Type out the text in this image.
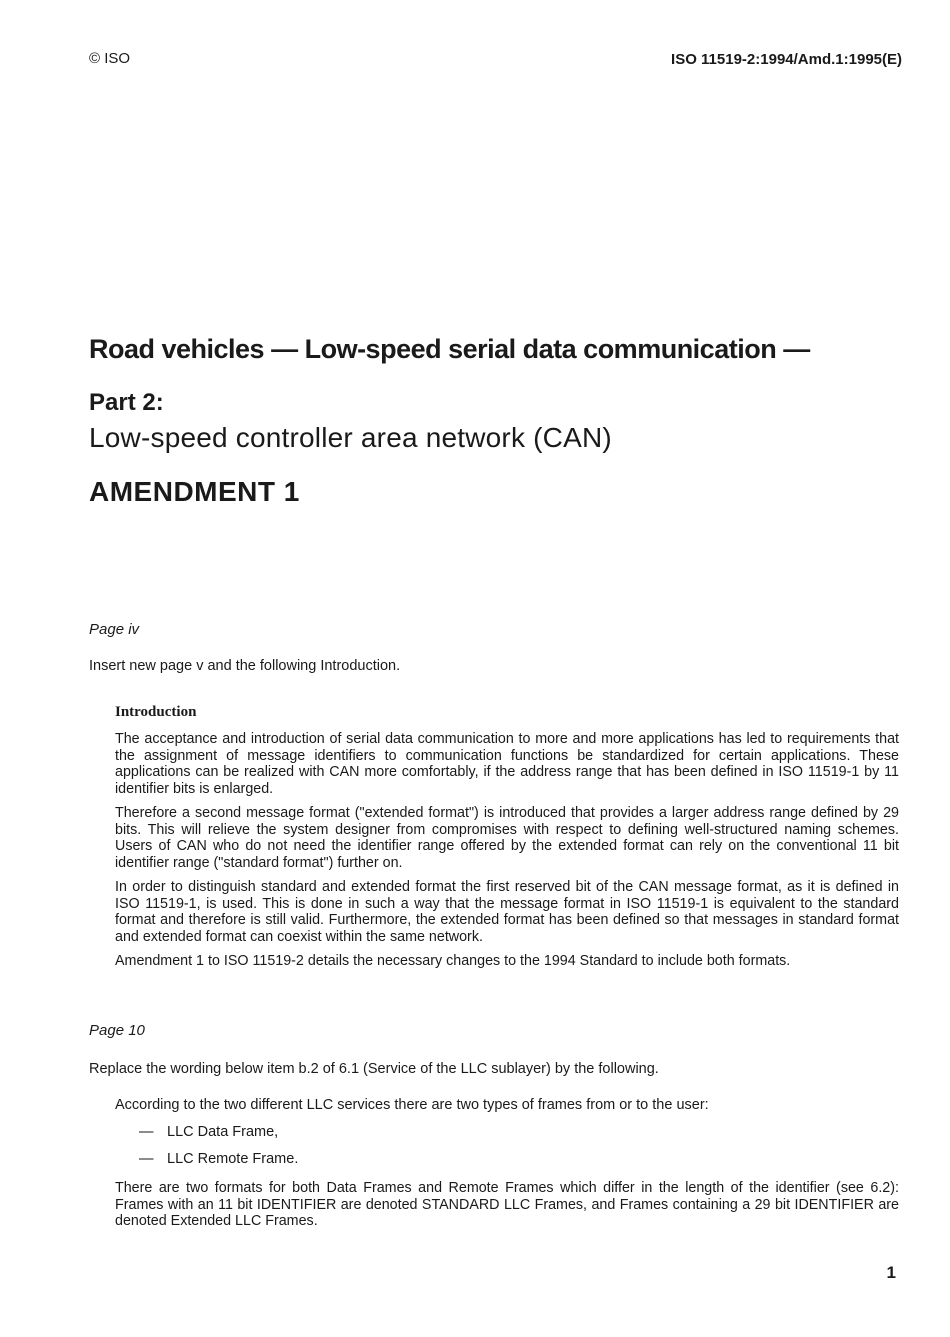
© ISO	ISO 11519-2:1994/Amd.1:1995(E)
Road vehicles — Low-speed serial data communication —
Part 2:
Low-speed controller area network (CAN)
AMENDMENT 1
Page iv
Insert new page v and the following Introduction.
Introduction

The acceptance and introduction of serial data communication to more and more applications has led to requirements that the assignment of message identifiers to communication functions be standardized for certain applications. These applications can be realized with CAN more comfortably, if the address range that has been defined in ISO 11519-1 by 11 identifier bits is enlarged.

Therefore a second message format ("extended format") is introduced that provides a larger address range defined by 29 bits. This will relieve the system designer from compromises with respect to defining well-structured naming schemes. Users of CAN who do not need the identifier range offered by the extended format can rely on the conventional 11 bit identifier range ("standard format") further on.

In order to distinguish standard and extended format the first reserved bit of the CAN message format, as it is defined in ISO 11519-1, is used. This is done in such a way that the message format in ISO 11519-1 is equivalent to the standard format and therefore is still valid. Furthermore, the extended format has been defined so that messages in standard format and extended format can coexist within the same network.

Amendment 1 to ISO 11519-2 details the necessary changes to the 1994 Standard to include both formats.

Page 10
Replace the wording below item b.2 of 6.1 (Service of the LLC sublayer) by the following.
According to the two different LLC services there are two types of frames from or to the user:
— LLC Data Frame,
— LLC Remote Frame.

There are two formats for both Data Frames and Remote Frames which differ in the length of the identifier (see 6.2): Frames with an 11 bit IDENTIFIER are denoted STANDARD LLC Frames, and Frames containing a 29 bit IDENTIFIER are denoted Extended LLC Frames.

1
